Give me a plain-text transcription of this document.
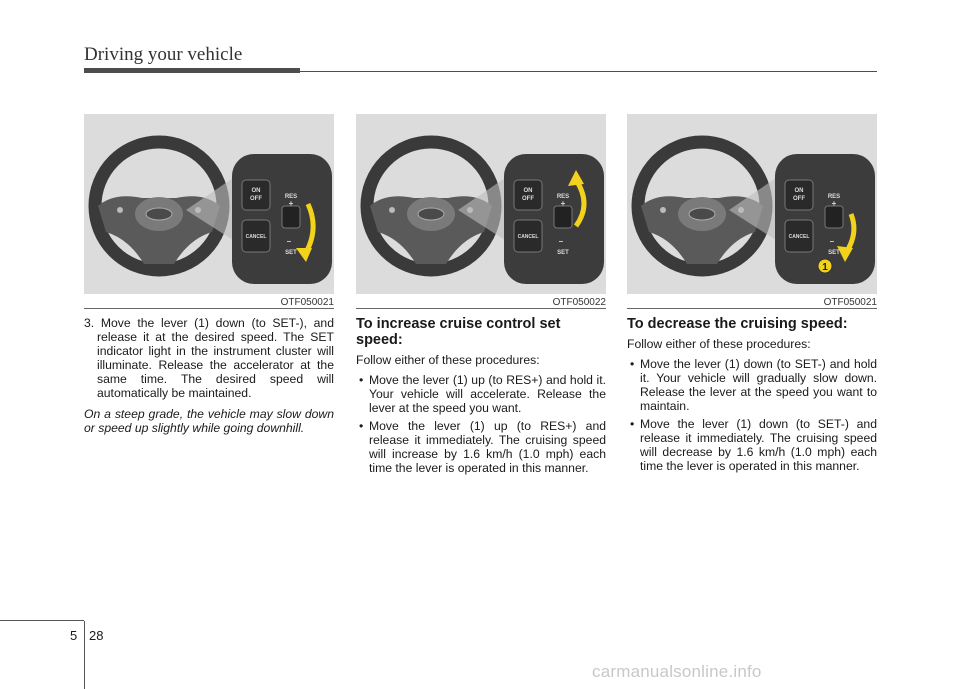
Driving your vehicle
ON
OFF
CANCEL
RES
+
–
SET
OTF050021
ON
OFF
CANCEL
RES
+
–
SET
OTF050022
ON
OFF
CANCEL
RES
+
–
SET
1
OTF050021

3. Move the lever (1) down (to SET-), and release it at the desired speed. The SET indicator light in the instrument cluster will illuminate. Release the accelerator at the same time. The desired speed will automatically be maintained.

On a steep grade, the vehicle may slow down or speed up slightly while going downhill.

To increase cruise control set speed:

Follow either of these procedures:

• Move the lever (1) up (to RES+) and hold it. Your vehicle will accelerate. Release the lever at the speed you want.
• Move the lever (1) up (to RES+) and release it immediately. The cruising speed will increase by 1.6 km/h (1.0 mph) each time the lever is operated in this manner.
To decrease the cruising speed:

Follow either of these procedures:

• Move the lever (1) down (to SET-) and hold it. Your vehicle will gradually slow down. Release the lever at the speed you want to maintain.
• Move the lever (1) down (to SET-) and release it immediately. The cruising speed will decrease by 1.6 km/h (1.0 mph) each time the lever is operated in this manner.
5 28
carmanualsonline.info
